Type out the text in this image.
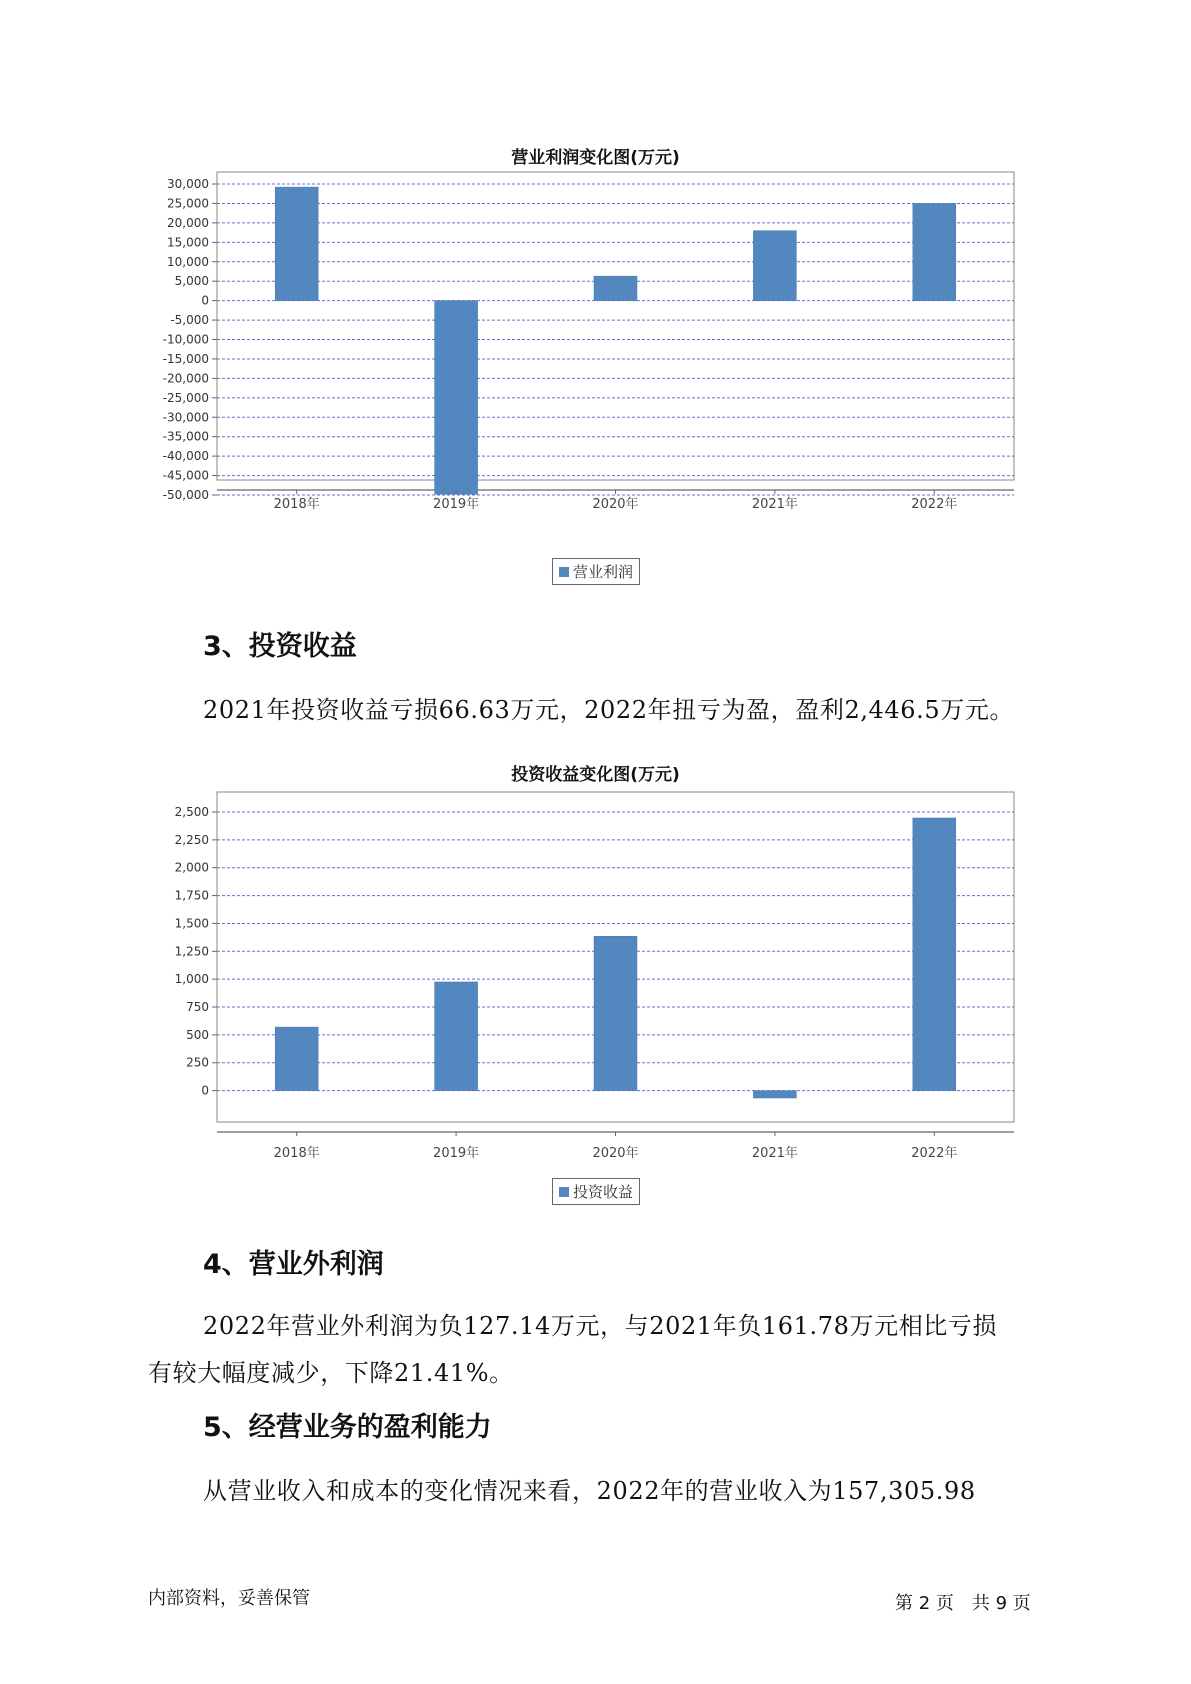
营业利润变化图(万元)
30,000
25,000
20,000
15,000
10,000
5,000
0
-5,000
-10,000
-15,000
-20,000
-25,000
-30,000
-35,000
-40,000
-45,000
-50,000
2018年	2019年	2020年	2021年	2022年
营业利润
3、投资收益
2021年投资收益亏损66.63万元，2022年扭亏为盈，盈利2,446.5万元。
投资收益变化图(万元)
2,500
2,250
2,000
1,750
1,500
1,250
1,000
750
500
250
0
2018年	2019年	2020年	2021年	2022年
投资收益
4、营业外利润
2022年营业外利润为负127.14万元，与2021年负161.78万元相比亏损
有较大幅度减少，下降21.41%。
5、经营业务的盈利能力
从营业收入和成本的变化情况来看，2022年的营业收入为157,305.98
内部资料，妥善保管	第 2 页　共 9 页
